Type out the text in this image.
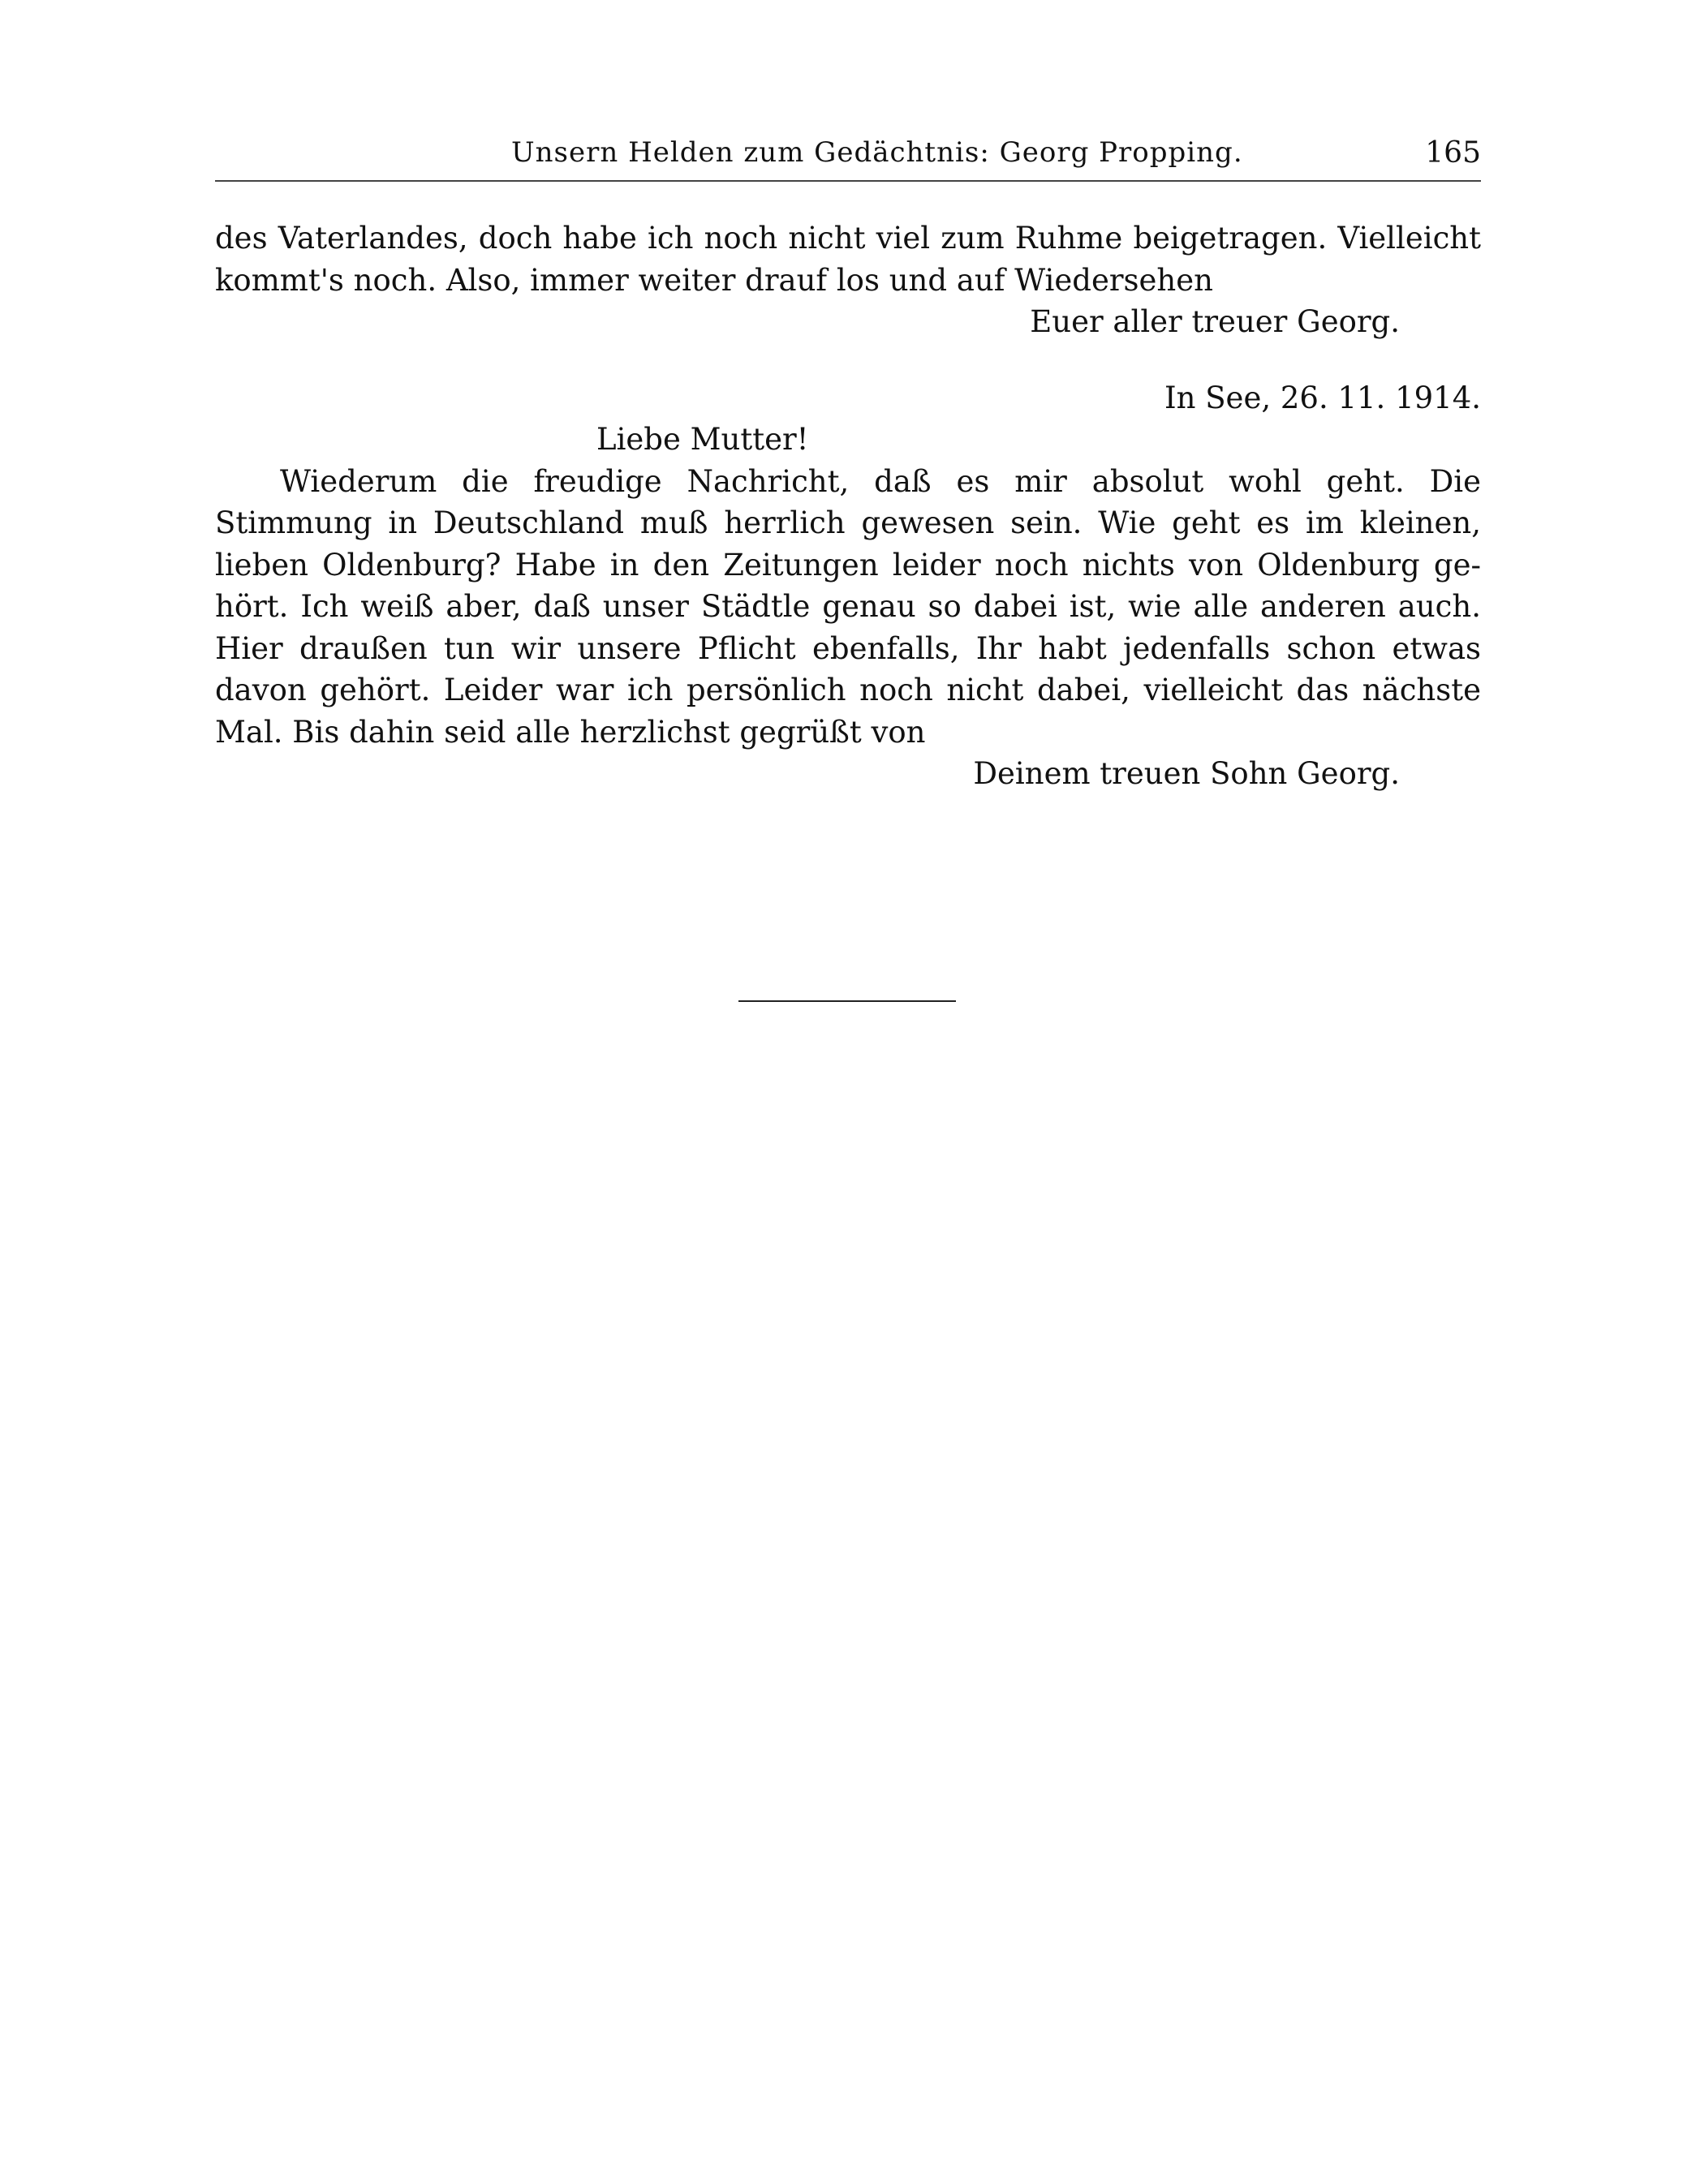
Unsern Helden zum Gedächtnis: Georg Propping.	165
des Vaterlandes, doch habe ich noch nicht viel zum Ruhme beigetragen. Vielleicht
kommt's noch. Also, immer weiter drauf los und auf Wiedersehen
Euer aller treuer Georg.
In See, 26. 11. 1914.
Liebe Mutter!
Wiederum die freudige Nachricht, daß es mir absolut wohl geht. Die
Stimmung in Deutschland muß herrlich gewesen sein. Wie geht es im kleinen,
lieben Oldenburg? Habe in den Zeitungen leider noch nichts von Oldenburg ge-
hört. Ich weiß aber, daß unser Städtle genau so dabei ist, wie alle anderen auch.
Hier draußen tun wir unsere Pflicht ebenfalls, Ihr habt jedenfalls schon etwas
davon gehört. Leider war ich persönlich noch nicht dabei, vielleicht das nächste
Mal. Bis dahin seid alle herzlichst gegrüßt von
Deinem treuen Sohn Georg.
